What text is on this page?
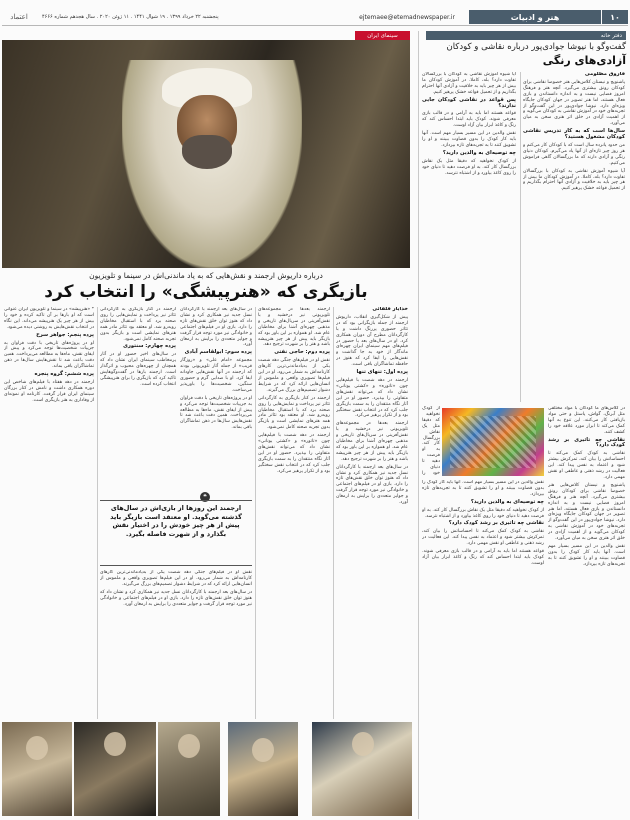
اعتماد	پنجشنبه ۲۲ خرداد ۱۳۹۹ . ۱۹ شوال ۱۴۴۱ . ۱۱ ژوئن ۲۰۲۰ . سال هجدهم شماره ۴۶۶۶	ejtemaee@etemadnewspaper.ir	هنر و ادبیات	۱۰
سینمای ایران	دفتر خانه
درباره داریوش ارجمند و نقش‌هایی که به یاد ماندنی‌اش در سینما و تلویزیون
بازیگری که «هنرپیشگی» را انتخاب کرد

خدایار قلفائی

پیش از شکل‌گیری انقلاب، داریوش ارجمند از جمله بازیگرانی بود که در تئاتر حضوری پررنگ داشت و با کارگردانان مطرح آن دوران همکاری کرد. او در سال‌های بعد با حضور در فیلم‌های مهم سینمای ایران چهره‌ای ماندگار از خود به جا گذاشت و نقش‌هایی را ایفا کرد که هنوز در حافظه تماشاگران باقی است.

پرده اول: تنهای تنها

ارجمند در دهه شصت با فیلم‌هایی چون «تاتوره» و «کشتی یونانی» نشان داد که می‌تواند نقش‌های متفاوتی را بپذیرد. حضور او در این آثار نگاه منتقدان را به سمت بازیگری جلب کرد که در انتخاب نقش سختگیر بود و از تکرار پرهیز می‌کرد.

ارجمند بعدها در مجموعه‌های تلویزیونی نیز درخشید و با نقش‌آفرینی در سریال‌های تاریخی و مذهبی چهره‌ای آشنا برای مخاطبان عام شد. او همواره بر این باور بود که بازیگر باید پیش از هر چیز هنرپیشه باشد و هنر را بر شهرت ترجیح دهد.

در سال‌های بعد ارجمند با کارگردانان نسل جدید نیز همکاری کرد و نشان داد که هنوز توان خلق نقش‌های تازه را دارد. بازی او در فیلم‌های اجتماعی و خانوادگی نیز مورد توجه قرار گرفت و جوایز متعددی را برایش به ارمغان آورد.

ارجمند بعدها در مجموعه‌های تلویزیونی نیز درخشید و با نقش‌آفرینی در سریال‌های تاریخی و مذهبی چهره‌ای آشنا برای مخاطبان عام شد. او همواره بر این باور بود که بازیگر باید پیش از هر چیز هنرپیشه باشد و هنر را بر شهرت ترجیح دهد.

پرده دوم: حاجی نفتی

نقش او در فیلم‌های جنگی دهه شصت یکی از به‌یادماندنی‌ترین کارهای کارنامه‌اش به شمار می‌رود. او در این فیلم‌ها تصویری واقعی و ملموس از انسان‌هایی ارائه کرد که در شرایط دشوار تصمیم‌های بزرگ می‌گیرند.

ارجمند در کنار بازیگری به کارگردانی تئاتر نیز پرداخت و نمایش‌هایی را روی صحنه برد که با استقبال مخاطبان روبه‌رو شد. او معتقد بود تئاتر مادر همه هنرهای نمایشی است و بازیگر بدون تجربه صحنه کامل نمی‌شود.

ارجمند در دهه شصت با فیلم‌هایی چون «تاتوره» و «کشتی یونانی» نشان داد که می‌تواند نقش‌های متفاوتی را بپذیرد. حضور او در این آثار نگاه منتقدان را به سمت بازیگری جلب کرد که در انتخاب نقش سختگیر بود و از تکرار پرهیز می‌کرد.

در سال‌های بعد ارجمند با کارگردانان نسل جدید نیز همکاری کرد و نشان داد که هنوز توان خلق نقش‌های تازه را دارد. بازی او در فیلم‌های اجتماعی و خانوادگی نیز مورد توجه قرار گرفت و جوایز متعددی را برایش به ارمغان آورد.

پرده سوم: ابولقاسم آبادی

مجموعه «امام علی» و «روزگار قریب» از جمله آثار تلویزیونی بودند که ارجمند در آنها نقش‌هایی جاودانه ایفا کرد. او با صدایی گرم و حضوری سنگین، شخصیت‌ها را باورپذیر می‌ساخت.

او در پروژه‌های تاریخی با دقت فراوان به جزییات شخصیت‌ها توجه می‌کرد و پیش از ایفای نقش، ماه‌ها به مطالعه می‌پرداخت. همین دقت باعث شد تا نقش‌هایش سال‌ها در ذهن تماشاگران باقی بماند.

❝
ارجمند این روزها از بازی‌اش در سال‌های گذشته می‌گوید. او معتقد است بازیگر باید پیش از هر چیز خودش را در اختیار نقش بگذارد و از شهرت فاصله بگیرد.

ارجمند در کنار بازیگری به کارگردانی تئاتر نیز پرداخت و نمایش‌هایی را روی صحنه برد که با استقبال مخاطبان روبه‌رو شد. او معتقد بود تئاتر مادر همه هنرهای نمایشی است و بازیگر بدون تجربه صحنه کامل نمی‌شود.

پرده چهارم: سنتوری

در سال‌های اخیر حضور او در آثار پرمخاطب سینمای ایران نشان داد که همچنان از چهره‌های محبوب و اثرگذار است. ارجمند بارها در گفت‌وگوهایش تاکید کرد که بازیگری را برای هنرپیشگی انتخاب کرده است.

نقش او در فیلم‌های جنگی دهه شصت یکی از به‌یادماندنی‌ترین کارهای کارنامه‌اش به شمار می‌رود. او در این فیلم‌ها تصویری واقعی و ملموس از انسان‌هایی ارائه کرد که در شرایط دشوار تصمیم‌های بزرگ می‌گیرند.

در سال‌های بعد ارجمند با کارگردانان نسل جدید نیز همکاری کرد و نشان داد که هنوز توان خلق نقش‌های تازه را دارد. بازی او در فیلم‌های اجتماعی و خانوادگی نیز مورد توجه قرار گرفت و جوایز متعددی را برایش به ارمغان آورد.

* «هنرپیشه» در سینما و تلویزیون ایران عنوانی است که او بارها بر آن تاکید کرده و خود را بیش از هر چیز یک هنرپیشه می‌داند. این نگاه در انتخاب نقش‌هایش به روشنی دیده می‌شود.

پرده پنجم: جواهر سرخ

او در پروژه‌های تاریخی با دقت فراوان به جزییات شخصیت‌ها توجه می‌کرد و پیش از ایفای نقش، ماه‌ها به مطالعه می‌پرداخت. همین دقت باعث شد تا نقش‌هایش سال‌ها در ذهن تماشاگران باقی بماند.

پرده ششم: گروه پنجره

ارجمند در دهه هفتاد با فیلم‌های شاخص این دوره همکاری داشت و نامش در کنار بزرگان سینمای ایران قرار گرفت. کارنامه او نمونه‌ای از وفاداری به هنر بازیگری است.

گفت‌وگو با نیوشا جوادی‌پور درباره نقاشی و کودکان
آزادی‌های رنگی

فاروق مظلومی

پاشنویج و نیستان کلاس‌هایی هنر خصوصا نقاشی برای کودکان رونق بیشتری می‌گیرد. آنچه هنر و فرهنگ امروز فضایی نیست و به اندازه دانستاندن و بازی فعال هستند، اما هنر تصویر در جهان کودکان جایگاه ویژه‌ای دارد. نیوشا جوادی‌پور در این گفت‌وگو از تجربه‌های خود در آموزش نقاشی به کودکان می‌گوید و از اهمیت آزادی در خلق اثر هنری سخن به میان می‌آورد.

سال‌ها است که به کار تدریس نقاشی کودکان مشغول هستید؟

من حدود پانزده سال است که با کودکان کار می‌کنم و هر روز چیز تازه‌ای از آنها یاد می‌گیرم. کودکان دنیای رنگی و آزادی دارند که ما بزرگسالان گاهی فراموش می‌کنیم.

آیا شیوه آموزش نقاشی به کودکان با بزرگسالان تفاوت دارد؟ بله، کاملا. در آموزش کودکان ما بیش از هر چیز باید به خلاقیت و آزادی آنها احترام بگذاریم و از تحمیل قواعد خشک پرهیز کنیم.

آیا شیوه آموزش نقاشی به کودکان با بزرگسالان تفاوت دارد؟ بله، کاملا. در آموزش کودکان ما بیش از هر چیز باید به خلاقیت و آزادی آنها احترام بگذاریم و از تحمیل قواعد خشک پرهیز کنیم.

پس قواعد در نقاشی کودکان جایی ندارند؟

قواعد هستند اما باید به آرامی و در قالب بازی معرفی شوند. کودک باید ابتدا احساس کند که رنگ و کاغذ ابزار بیان آزاد اوست.

نقش والدین در این مسیر بسیار مهم است. آنها باید کار کودک را بدون قضاوت ببینند و او را تشویق کنند تا به تجربه‌های تازه بپردازد.

چه توصیه‌ای به والدین دارید؟

از کودک نخواهید که دقیقا مثل یک نقاش بزرگسال کار کند. به او فرصت دهید تا دنیای خود را روی کاغذ بیاورد و از اشتباه نترسد.

در کلاس‌های ما کودکان با مواد مختلفی مثل آبرنگ، گواش، پاستل و حتی مواد بازیافتی کار می‌کنند. این تنوع به آنها کمک می‌کند تا ابزار مورد علاقه خود را کشف کنند.

نقاشی چه تاثیری بر رشد کودک دارد؟

نقاشی به کودک کمک می‌کند تا احساساتش را بیان کند، تمرکزش بیشتر شود و اعتماد به نفس پیدا کند. این فعالیت در رشد ذهنی و عاطفی او نقش مهمی دارد.

پاشنویج و نیستان کلاس‌هایی هنر خصوصا نقاشی برای کودکان رونق بیشتری می‌گیرد. آنچه هنر و فرهنگ امروز فضایی نیست و به اندازه دانستاندن و بازی فعال هستند، اما هنر تصویر در جهان کودکان جایگاه ویژه‌ای دارد. نیوشا جوادی‌پور در این گفت‌وگو از تجربه‌های خود در آموزش نقاشی به کودکان می‌گوید و از اهمیت آزادی در خلق اثر هنری سخن به میان می‌آورد.

نقش والدین در این مسیر بسیار مهم است. آنها باید کار کودک را بدون قضاوت ببینند و او را تشویق کنند تا به تجربه‌های تازه بپردازد.

از کودک نخواهید که دقیقا مثل یک نقاش بزرگسال کار کند. به او فرصت دهید تا دنیای خود را

نقش والدین در این مسیر بسیار مهم است. آنها باید کار کودک را بدون قضاوت ببینند و او را تشویق کنند تا به تجربه‌های تازه بپردازد.

چه توصیه‌ای به والدین دارید؟

از کودک نخواهید که دقیقا مثل یک نقاش بزرگسال کار کند. به او فرصت دهید تا دنیای خود را روی کاغذ بیاورد و از اشتباه نترسد.

نقاشی چه تاثیری بر رشد کودک دارد؟

نقاشی به کودک کمک می‌کند تا احساساتش را بیان کند، تمرکزش بیشتر شود و اعتماد به نفس پیدا کند. این فعالیت در رشد ذهنی و عاطفی او نقش مهمی دارد.

قواعد هستند اما باید به آرامی و در قالب بازی معرفی شوند. کودک باید ابتدا احساس کند که رنگ و کاغذ ابزار بیان آزاد اوست.
